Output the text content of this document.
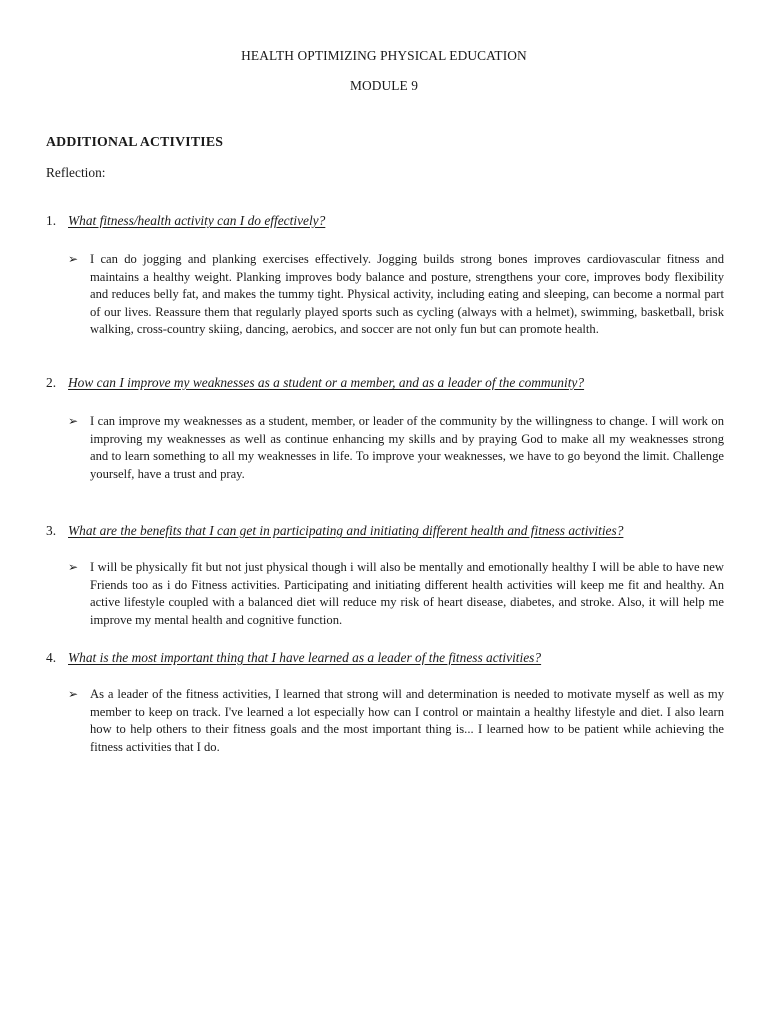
HEALTH OPTIMIZING PHYSICAL EDUCATION
MODULE 9
ADDITIONAL ACTIVITIES
Reflection:
1. What fitness/health activity can I do effectively?
➢ I can do jogging and planking exercises effectively. Jogging builds strong bones improves cardiovascular fitness and maintains a healthy weight. Planking improves body balance and posture, strengthens your core, improves body flexibility and reduces belly fat, and makes the tummy tight. Physical activity, including eating and sleeping, can become a normal part of our lives. Reassure them that regularly played sports such as cycling (always with a helmet), swimming, basketball, brisk walking, cross-country skiing, dancing, aerobics, and soccer are not only fun but can promote health.
2. How can I improve my weaknesses as a student or a member, and as a leader of the community?
➢ I can improve my weaknesses as a student, member, or leader of the community by the willingness to change. I will work on improving my weaknesses as well as continue enhancing my skills and by praying God to make all my weaknesses strong and to learn something to all my weaknesses in life. To improve your weaknesses, we have to go beyond the limit. Challenge yourself, have a trust and pray.
3. What are the benefits that I can get in participating and initiating different health and fitness activities?
➢ I will be physically fit but not just physical though i will also be mentally and emotionally healthy I will be able to have new Friends too as i do Fitness activities. Participating and initiating different health activities will keep me fit and healthy. An active lifestyle coupled with a balanced diet will reduce my risk of heart disease, diabetes, and stroke. Also, it will help me improve my mental health and cognitive function.
4. What is the most important thing that I have learned as a leader of the fitness activities?
➢ As a leader of the fitness activities, I learned that strong will and determination is needed to motivate myself as well as my member to keep on track. I've learned a lot especially how can I control or maintain a healthy lifestyle and diet. I also learn how to help others to their fitness goals and the most important thing is... I learned how to be patient while achieving the fitness activities that I do.
